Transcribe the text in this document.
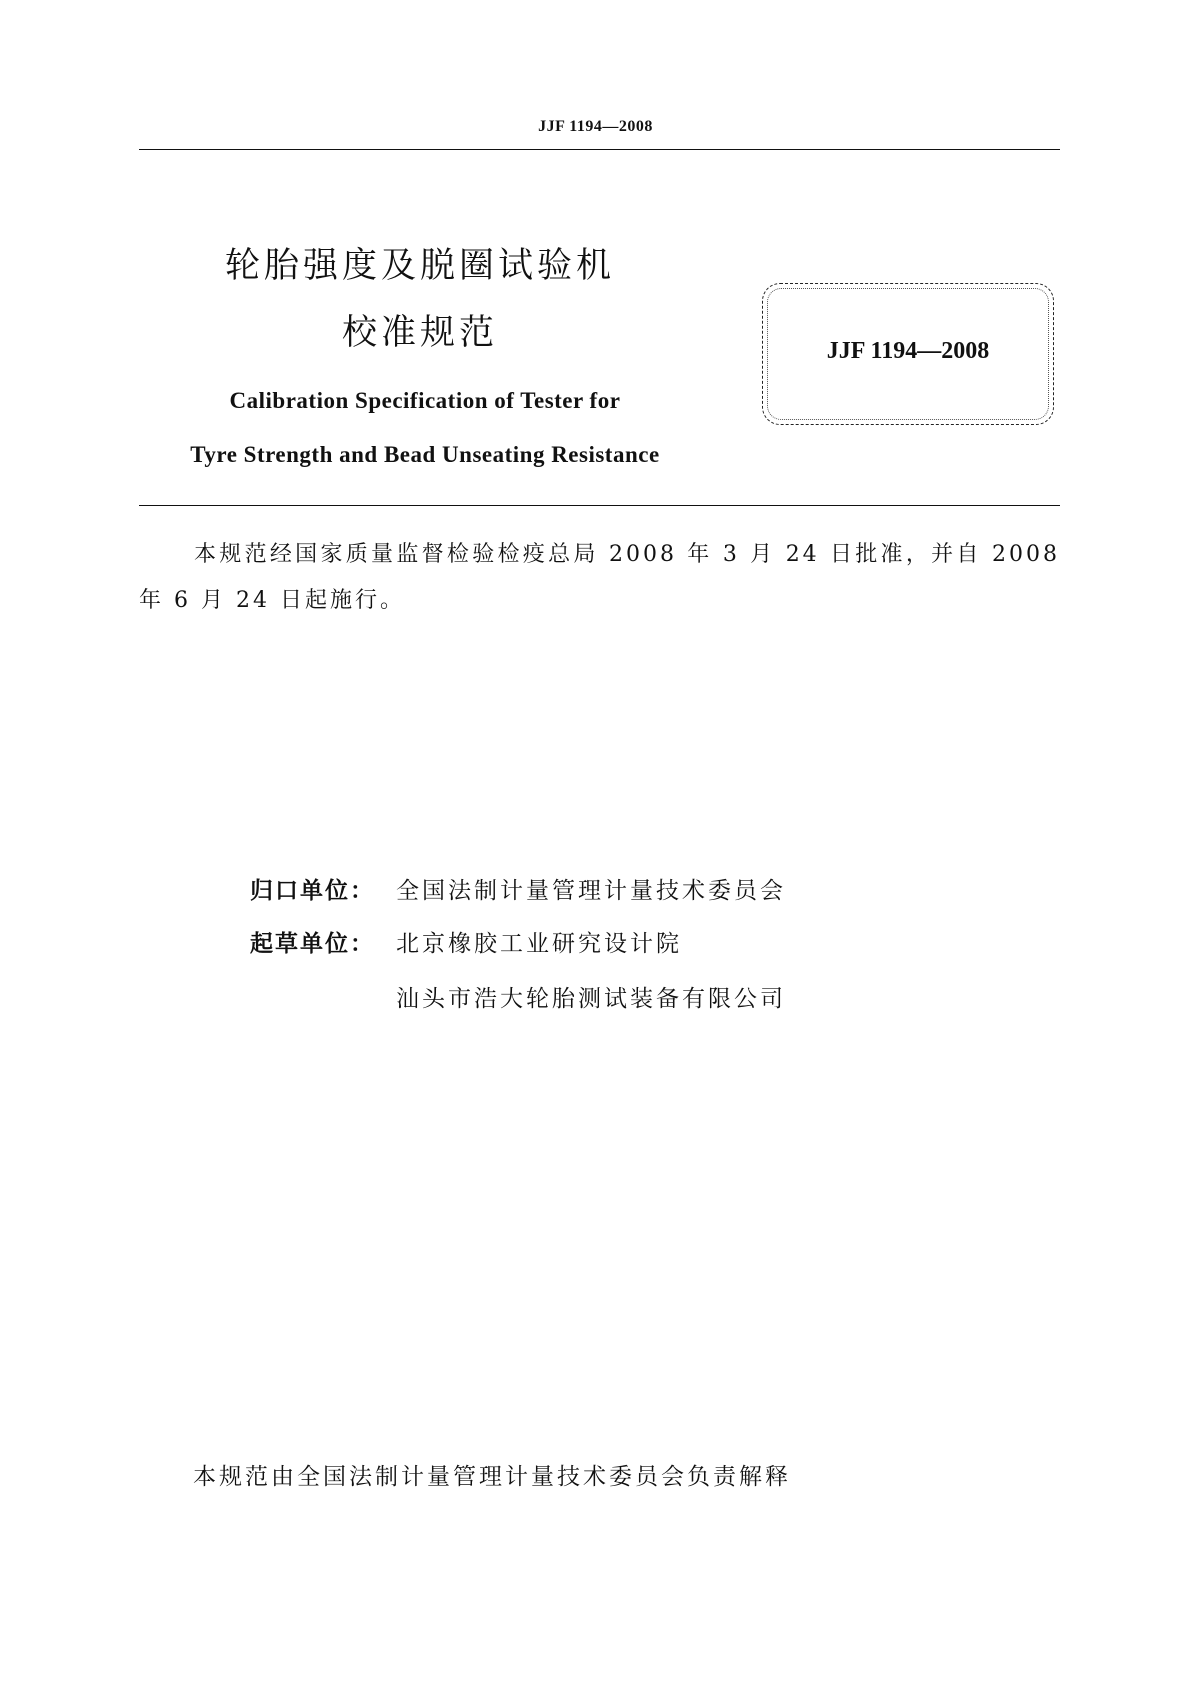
JJF 1194—2008
轮胎强度及脱圈试验机
校准规范
Calibration Specification of Tester for
Tyre Strength and Bead Unseating Resistance
JJF 1194—2008
本规范经国家质量监督检验检疫总局 2008 年 3 月 24 日批准，并自 2008 年 6 月 24 日起施行。
归口单位： 全国法制计量管理计量技术委员会
起草单位： 北京橡胶工业研究设计院
汕头市浩大轮胎测试装备有限公司
本规范由全国法制计量管理计量技术委员会负责解释
